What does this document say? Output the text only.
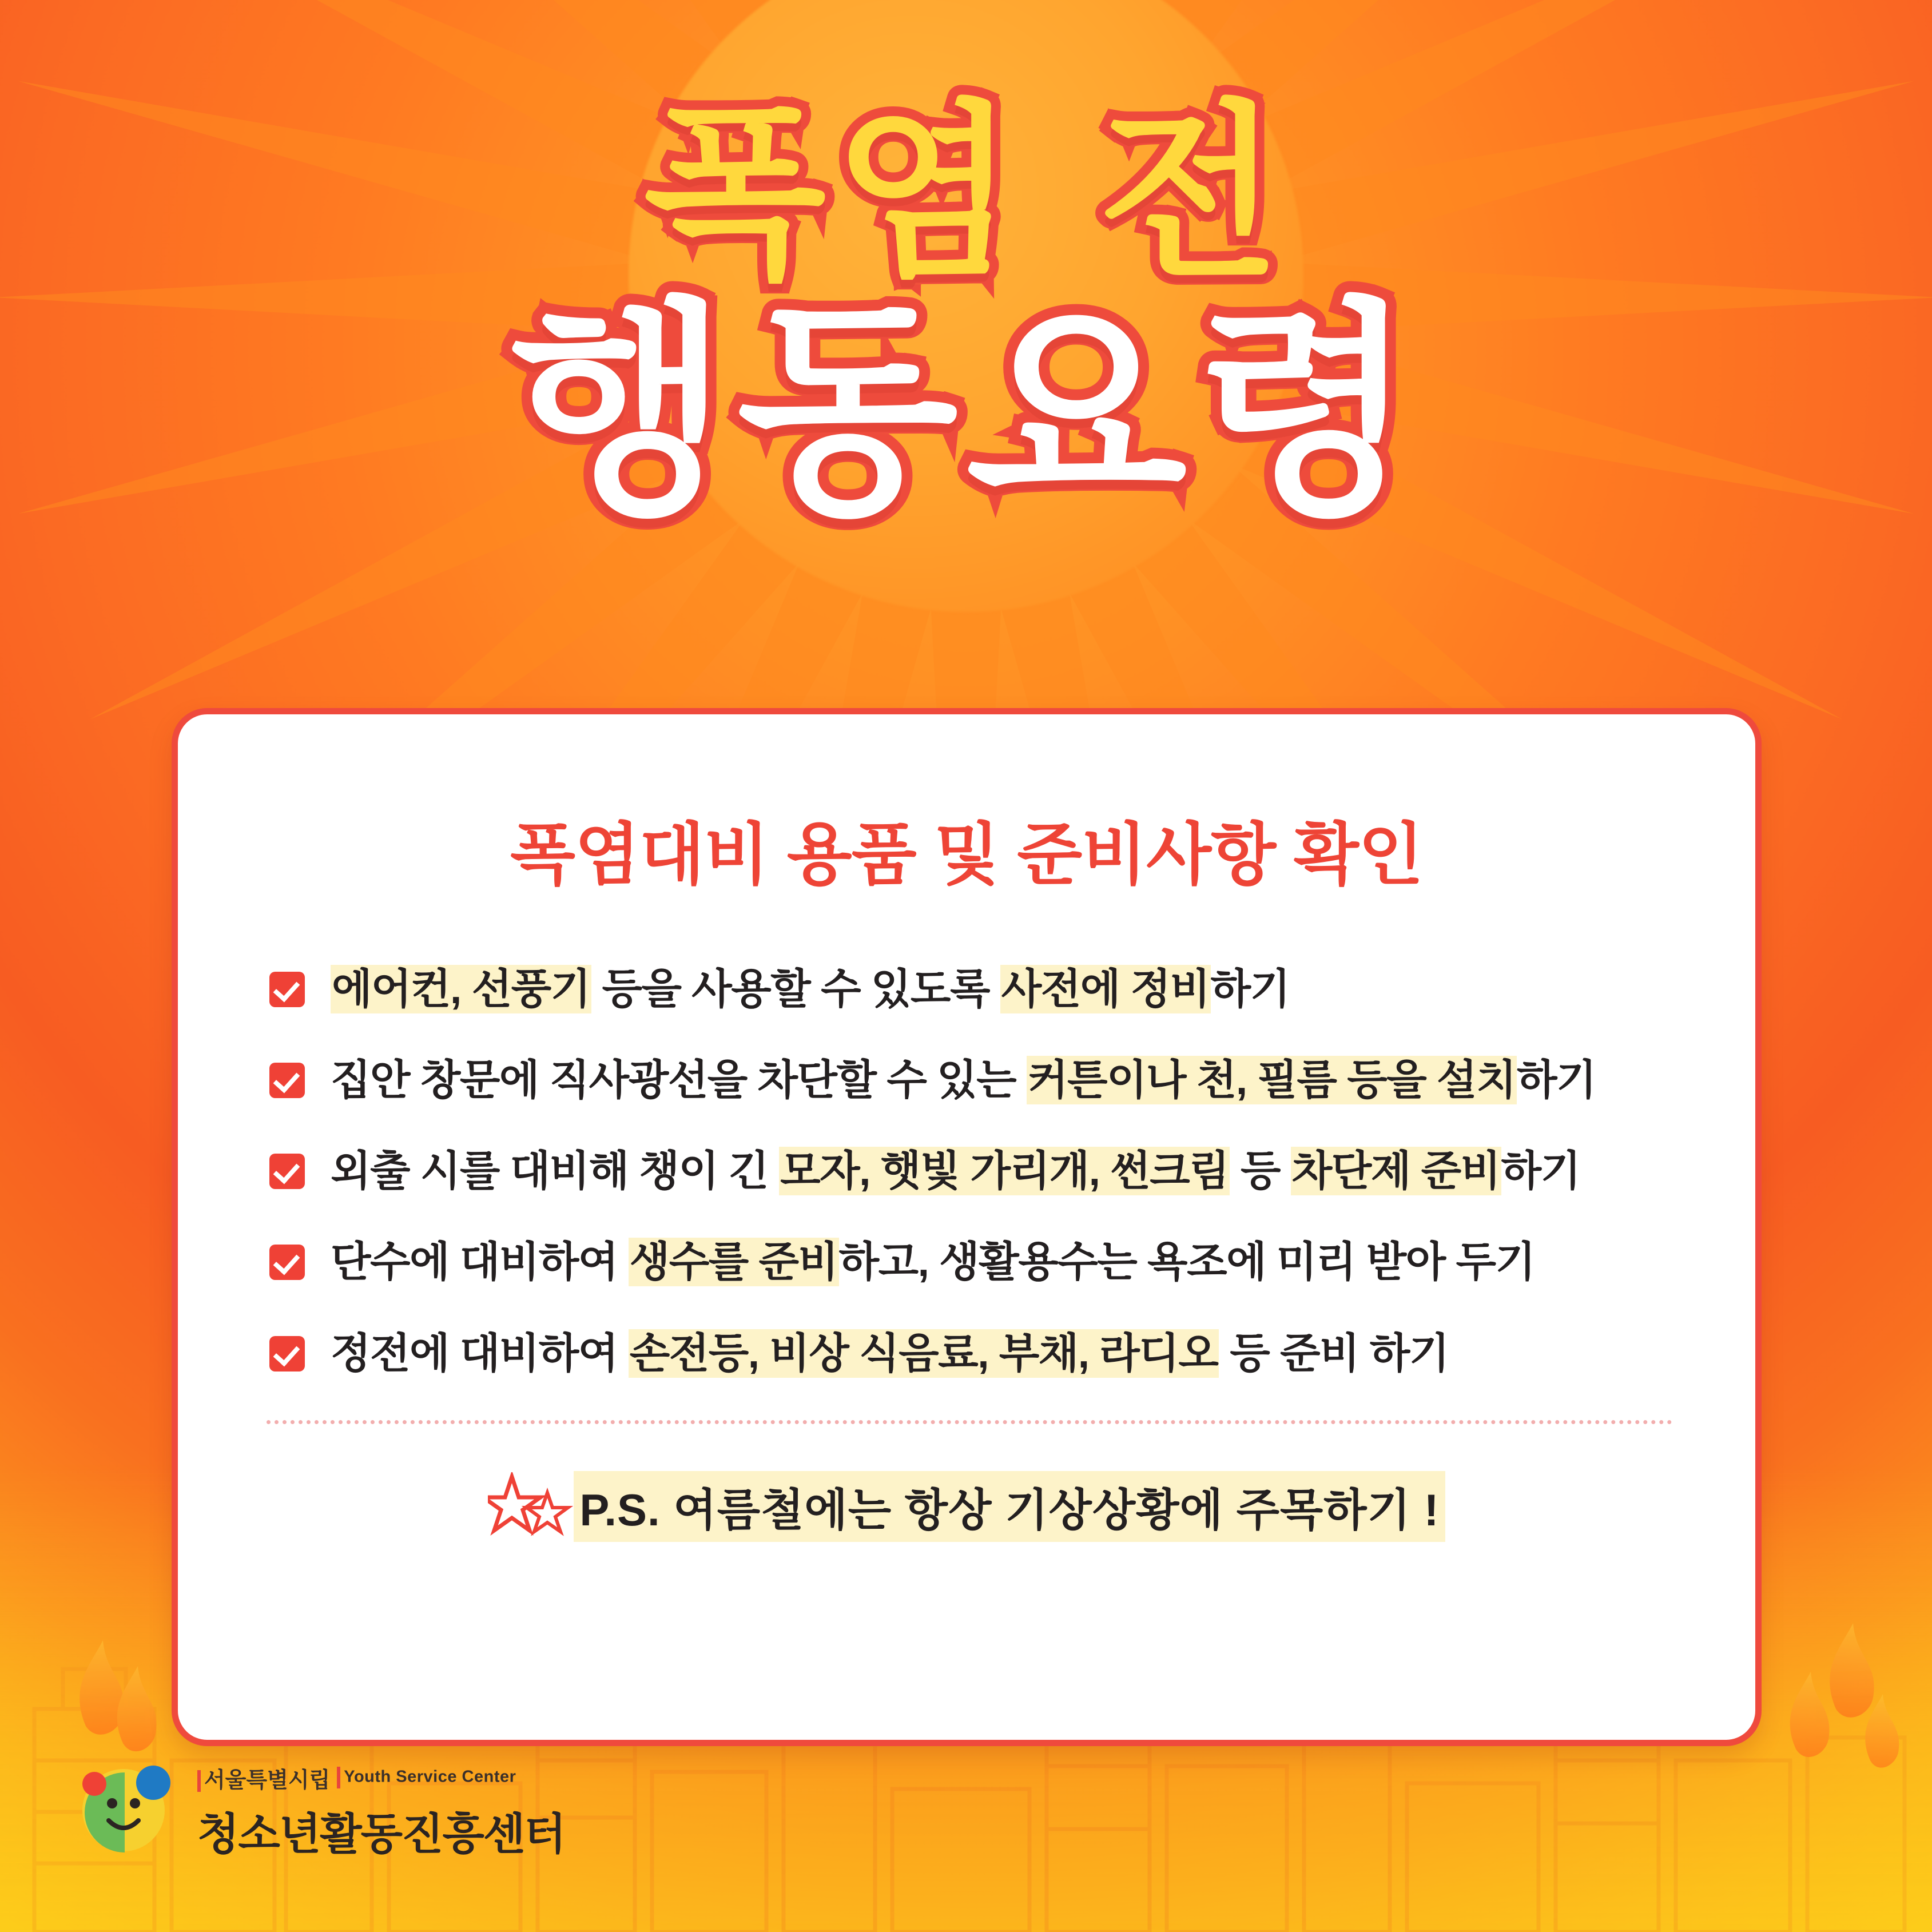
폭염 전
행동요령
폭염대비 용품 및 준비사항 확인
에어컨, 선풍기 등을 사용할 수 있도록 사전에 정비하기
집안 창문에 직사광선을 차단할 수 있는 커튼이나 천, 필름 등을 설치하기
외출 시를 대비해 챙이 긴 모자, 햇빛 가리개, 썬크림 등 차단제 준비하기
단수에 대비하여 생수를 준비하고, 생활용수는 욕조에 미리 받아 두기
정전에 대비하여 손전등, 비상 식음료, 부채, 라디오 등 준비 하기
P.S. 여름철에는 항상 기상상황에 주목하기 !
서울특별시립 Youth Service Center
청소년활동진흥센터
